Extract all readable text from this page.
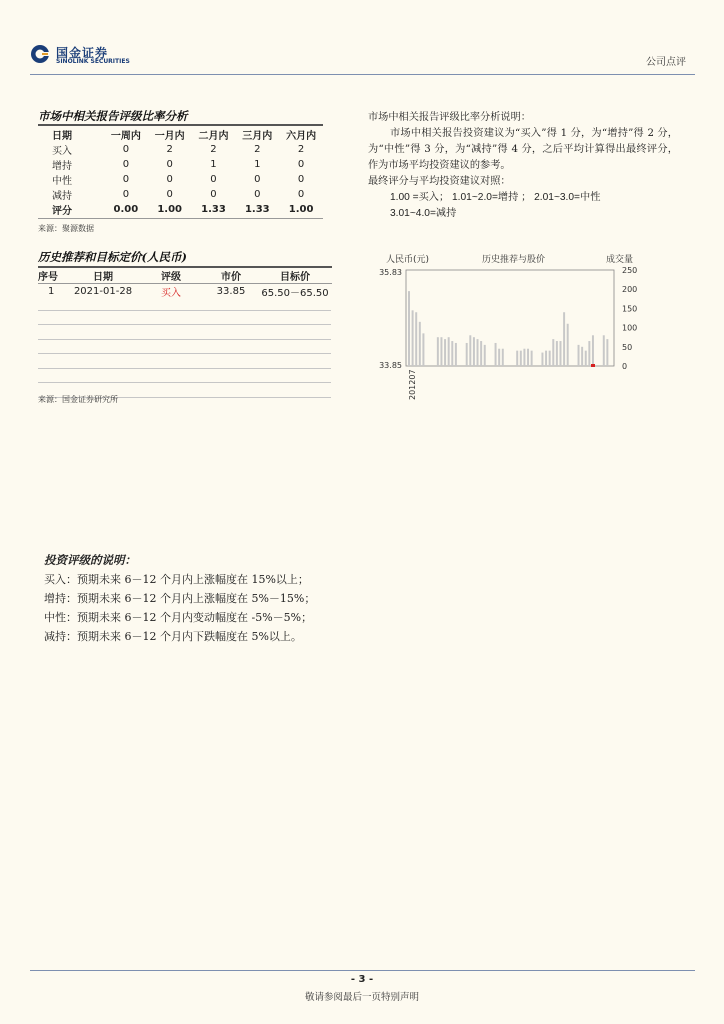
国金证券
SINOLINK SECURITIES	公司点评
市场中相关报告评级比率分析
日期	一周内	一月内	二月内	三月内	六月内
买入	0	2	2	2	2
增持	0	0	1	1	0
中性	0	0	0	0	0
减持	0	0	0	0	0
评分	0.00	1.00	1.33	1.33	1.00
来源：聚源数据
历史推荐和目标定价(人民币)
序号	日期	评级	市价	目标价
1	2021-01-28	买入	33.85	65.50－65.50
来源：国金证券研究所
市场中相关报告评级比率分析说明：
市场中相关报告投资建议为“买入”得 1 分，为“增持”得 2 分，为“中性”得 3 分，为“减持”得 4 分，之后平均计算得出最终评分，作为市场平均投资建议的参考。
最终评分与平均投资建议对照：
1.00 =买入； 1.01~2.0=增持 ； 2.01~3.0=中性
3.01~4.0=减持
人民币(元)	历史推荐与股价	成交量
35.83
33.85
250
200
150
100
50
0
201207
投资评级的说明：
买入：预期未来 6－12 个月内上涨幅度在 15%以上；
增持：预期未来 6－12 个月内上涨幅度在 5%－15%；
中性：预期未来 6－12 个月内变动幅度在 -5%－5%；
减持：预期未来 6－12 个月内下跌幅度在 5%以上。
- 3 -
敬请参阅最后一页特别声明
